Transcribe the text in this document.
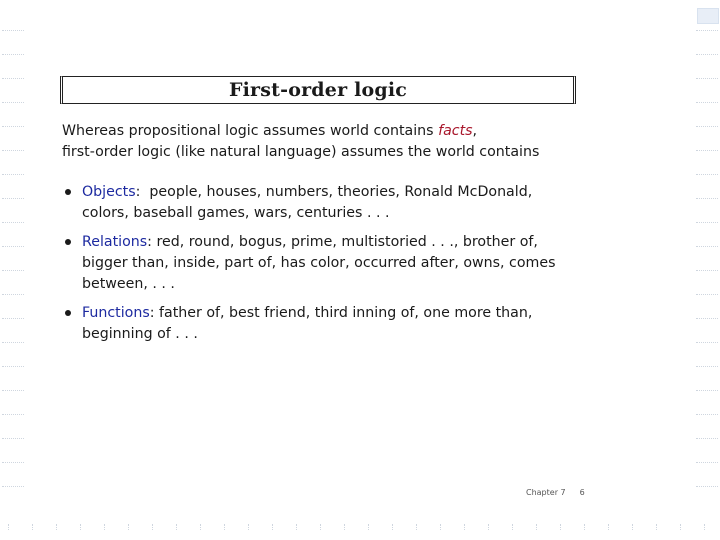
First-order logic
Whereas propositional logic assumes world contains facts,
first-order logic (like natural language) assumes the world contains
Objects:  people, houses, numbers, theories, Ronald McDonald, colors, baseball games, wars, centuries . . .
Relations: red, round, bogus, prime, multistoried . . ., brother of, bigger than, inside, part of, has color, occurred after, owns, comes between, . . .
Functions: father of, best friend, third inning of, one more than, beginning of . . .
Chapter 7 6
